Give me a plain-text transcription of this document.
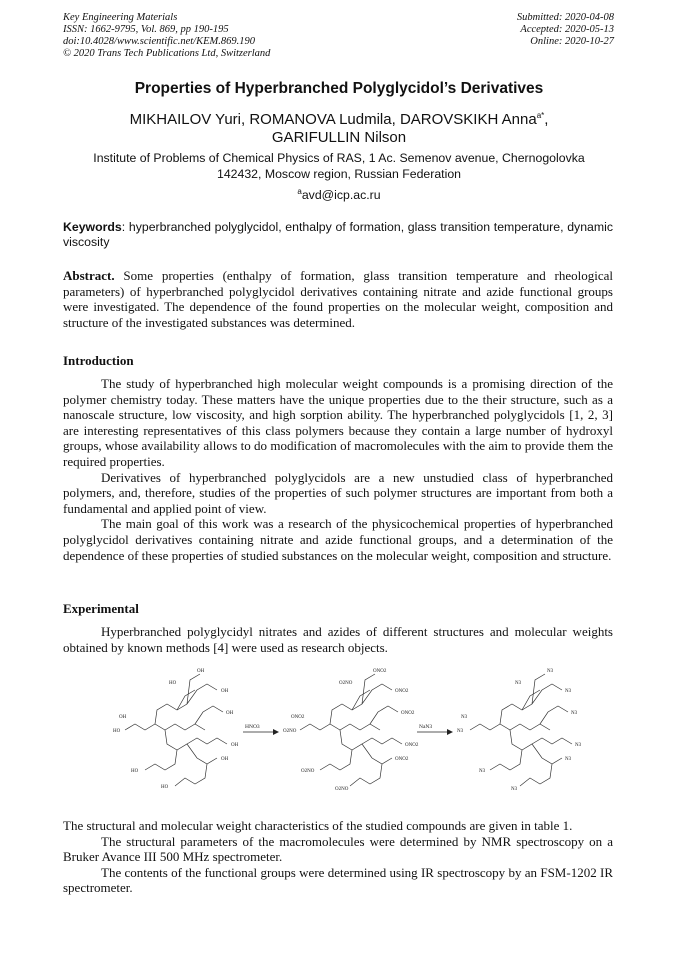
Key Engineering Materials
ISSN: 1662-9795, Vol. 869, pp 190-195
doi:10.4028/www.scientific.net/KEM.869.190
© 2020 Trans Tech Publications Ltd, Switzerland
Submitted: 2020-04-08
Accepted: 2020-05-13
Online: 2020-10-27
Properties of Hyperbranched Polyglycidol’s Derivatives
MIKHAILOV Yuri, ROMANOVA Ludmila, DAROVSKIKH Anna$^{a*}$,
GARIFULLIN Nilson
Institute of Problems of Chemical Physics of RAS, 1 Ac. Semenov avenue, Chernogolovka
142432, Moscow region, Russian Federation
$^a$avd@icp.ac.ru
Keywords: hyperbranched polyglycidol, enthalpy of formation, glass transition temperature, dynamic viscosity
Abstract. Some properties (enthalpy of formation, glass transition temperature and rheological parameters) of hyperbranched polyglycidol derivatives containing nitrate and azide functional groups were investigated. The dependence of the found properties on the molecular weight, composition and structure of the investigated substances was determined.
Introduction

The study of hyperbranched high molecular weight compounds is a promising direction of the polymer chemistry today. These matters have the unique properties due to the their structure, such as a nanoscale structure, low viscosity, and high sorption ability. The hyperbranched polyglycidols [1, 2, 3] are interesting representatives of this class polymers because they contain a large number of hydroxyl groups, whose availability allows to do modification of macromolecules with the aim to provide them the required properties.

Derivatives of hyperbranched polyglycidols are a new unstudied class of hyperbranched polymers, and, therefore, studies of the properties of such polymer structures are important from both a fundamental and applied point of view.

The main goal of this work was a research of the physicochemical properties of hyperbranched polyglycidol derivatives containing nitrate and azide functional groups, and a determination of the dependence of these properties of studied substances on the molecular weight, composition and structure.

Experimental

Hyperbranched polyglycidyl nitrates and azides of different structures and molecular weights obtained by known methods [4] were used as research objects.

HO
OH
OH
OH
OH
OH
OH
HO
HO
HO
HNO3
O2NO
ONO2
ONO2
ONO2
ONO2
ONO2
ONO2
O2NO
O2NO
O2NO
NaN3
N3
N3
N3
N3
N3
N3
N3
N3
N3
N3
The structural and molecular weight characteristics of the studied compounds are given in table 1.

The structural parameters of the macromolecules were determined by NMR spectroscopy on a Bruker Avance III 500 MHz spectrometer.

The contents of the functional groups were determined using IR spectroscopy by an FSM-1202 IR spectrometer.
